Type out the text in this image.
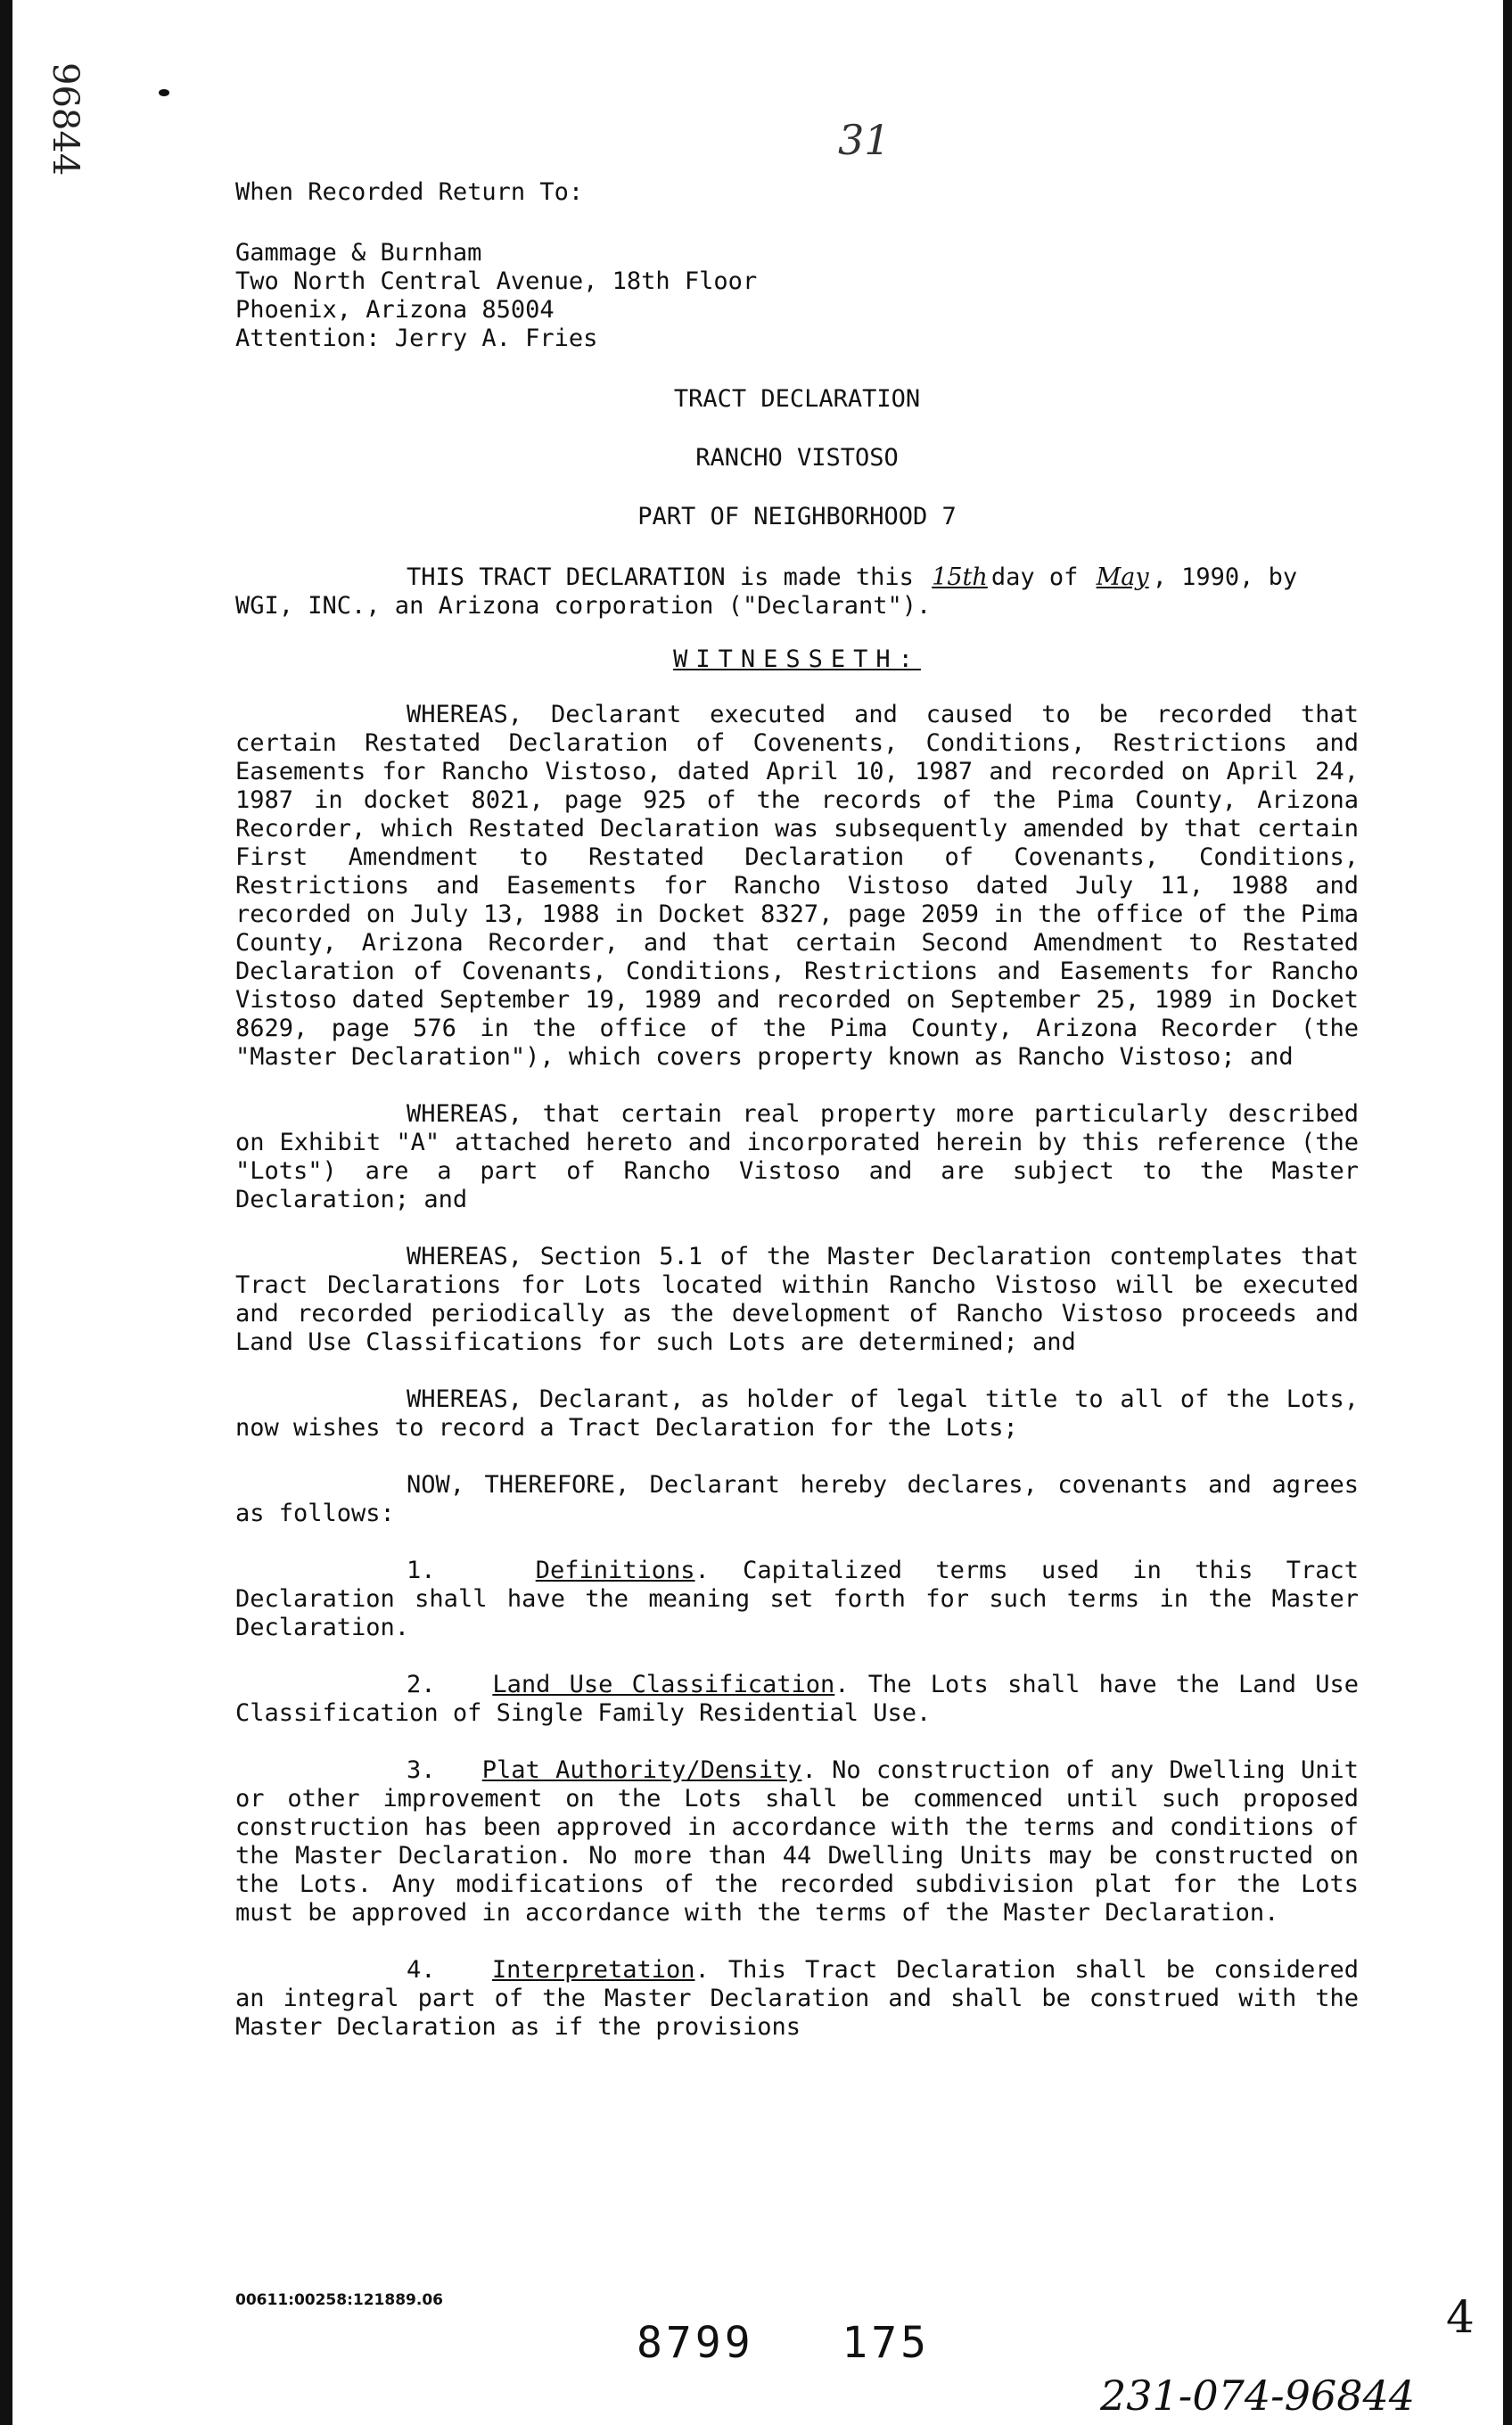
96844	31

When Recorded Return To:

Gammage & Burnham

Two North Central Avenue, 18th Floor

Phoenix, Arizona 85004

Attention: Jerry A. Fries

TRACT DECLARATION

RANCHO VISTOSO

PART OF NEIGHBORHOOD 7

THIS TRACT DECLARATION is made this 15th day of May , 1990, by WGI, INC., an Arizona corporation ("Declarant").

WITNESSETH:

WHEREAS, Declarant executed and caused to be recorded that certain Restated Declaration of Covenents, Conditions, Restrictions and Easements for Rancho Vistoso, dated April 10, 1987 and recorded on April 24, 1987 in docket 8021, page 925 of the records of the Pima County, Arizona Recorder, which Restated Declaration was subsequently amended by that certain First Amendment to Restated Declaration of Covenants, Conditions, Restrictions and Easements for Rancho Vistoso dated July 11, 1988 and recorded on July 13, 1988 in Docket 8327, page 2059 in the office of the Pima County, Arizona Recorder, and that certain Second Amendment to Restated Declaration of Covenants, Conditions, Restrictions and Easements for Rancho Vistoso dated September 19, 1989 and recorded on September 25, 1989 in Docket 8629, page 576 in the office of the Pima County, Arizona Recorder (the "Master Declaration"), which covers property known as Rancho Vistoso; and

WHEREAS, that certain real property more particularly described on Exhibit "A" attached hereto and incorporated herein by this reference (the "Lots") are a part of Rancho Vistoso and are subject to the Master Declaration; and

WHEREAS, Section 5.1 of the Master Declaration contemplates that Tract Declarations for Lots located within Rancho Vistoso will be executed and recorded periodically as the development of Rancho Vistoso proceeds and Land Use Classifications for such Lots are determined; and

WHEREAS, Declarant, as holder of legal title to all of the Lots, now wishes to record a Tract Declaration for the Lots;

NOW, THEREFORE, Declarant hereby declares, covenants and agrees as follows:

1.	Definitions. Capitalized terms used in this Tract Declaration shall have the meaning set forth for such terms in the Master Declaration.

2. Land Use Classification. The Lots shall have the Land Use Classification of Single Family Residential Use.

3. Plat Authority/Density. No construction of any Dwelling Unit or other improvement on the Lots shall be commenced until such proposed construction has been approved in accordance with the terms and conditions of the Master Declaration. No more than 44 Dwelling Units may be constructed on the Lots. Any modifications of the recorded subdivision plat for the Lots must be approved in accordance with the terms of the Master Declaration.

4. Interpretation. This Tract Declaration shall be considered an integral part of the Master Declaration and shall be construed with the Master Declaration as if the provisions

00611:00258:121889.06
8799   175	4
231-074-96844
